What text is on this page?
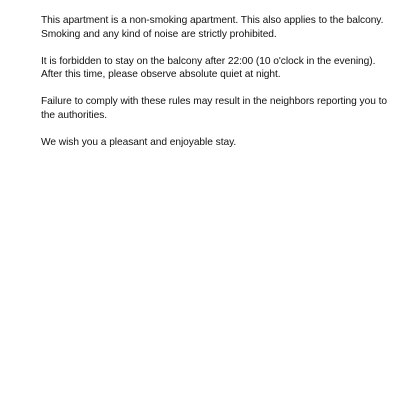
This apartment is a non-smoking apartment. This also applies to the balcony.
Smoking and any kind of noise are strictly prohibited.

It is forbidden to stay on the balcony after 22:00 (10 o'clock in the evening).
After this time, please observe absolute quiet at night.

Failure to comply with these rules may result in the neighbors reporting you to
the authorities.

We wish you a pleasant and enjoyable stay.
